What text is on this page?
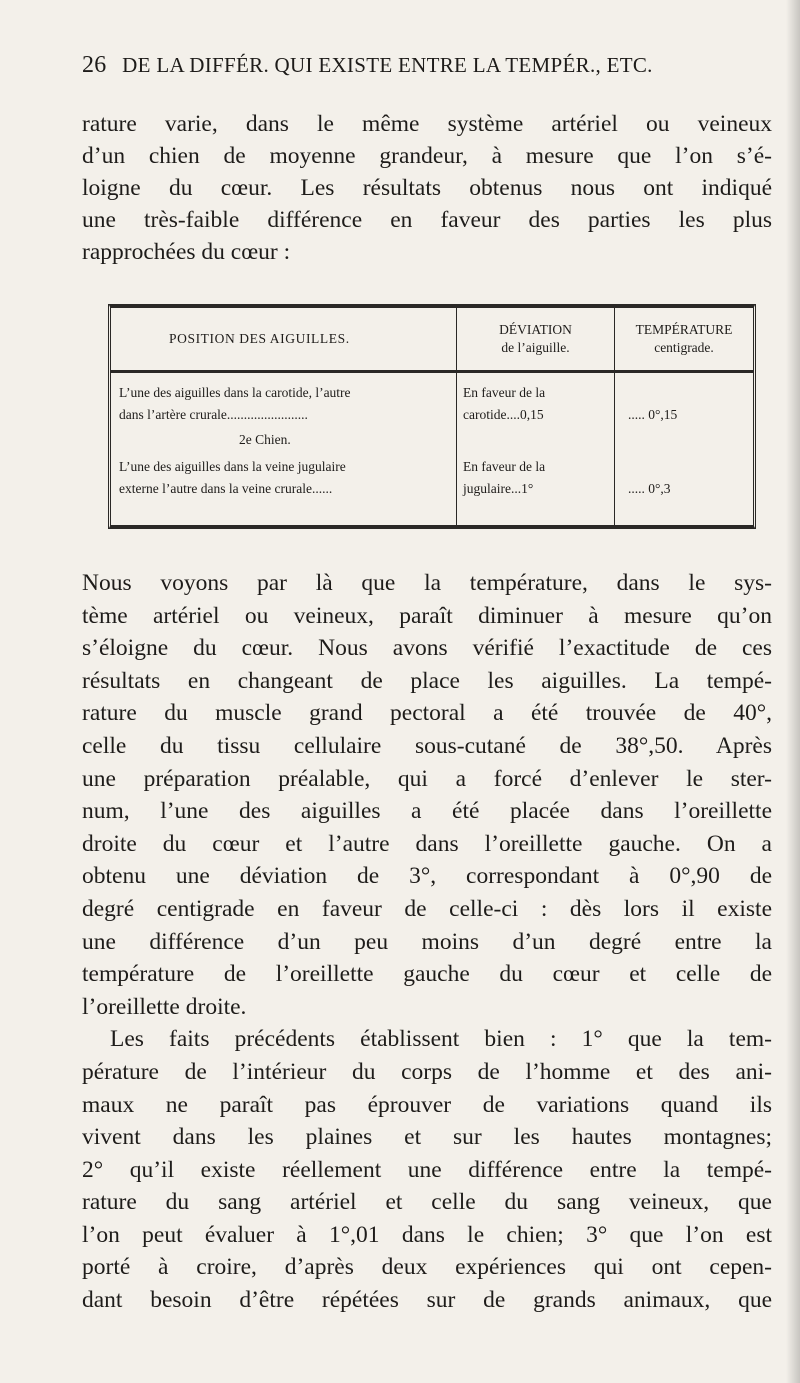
26 DE LA DIFFÉR. QUI EXISTE ENTRE LA TEMPÉR., ETC.
rature varie, dans le même système artériel ou veineux
d’un chien de moyenne grandeur, à mesure que l’on s’é-
loigne du cœur. Les résultats obtenus nous ont indiqué
une très-faible différence en faveur des parties les plus
rapprochées du cœur :
POSITION DES AIGUILLES.
DÉVIATION
de l’aiguille.
TEMPÉRATURE
centigrade.
L’une des aiguilles dans la carotide, l’autre
dans l’artère crurale........................
En faveur de la
carotide....0,15	..... 0°,15
2e Chien.
L’une des aiguilles dans la veine jugulaire
externe l’autre dans la veine crurale......
En faveur de la
jugulaire...1°	..... 0°,3
Nous voyons par là que la température, dans le sys-
tème artériel ou veineux, paraît diminuer à mesure qu’on
s’éloigne du cœur. Nous avons vérifié l’exactitude de ces
résultats en changeant de place les aiguilles. La tempé-
rature du muscle grand pectoral a été trouvée de 40°,
celle du tissu cellulaire sous-cutané de 38°,50. Après
une préparation préalable, qui a forcé d’enlever le ster-
num, l’une des aiguilles a été placée dans l’oreillette
droite du cœur et l’autre dans l’oreillette gauche. On a
obtenu une déviation de 3°, correspondant à 0°,90 de
degré centigrade en faveur de celle-ci : dès lors il existe
une différence d’un peu moins d’un degré entre la
température de l’oreillette gauche du cœur et celle de
l’oreillette droite.
Les faits précédents établissent bien : 1° que la tem-
pérature de l’intérieur du corps de l’homme et des ani-
maux ne paraît pas éprouver de variations quand ils
vivent dans les plaines et sur les hautes montagnes;
2° qu’il existe réellement une différence entre la tempé-
rature du sang artériel et celle du sang veineux, que
l’on peut évaluer à 1°,01 dans le chien; 3° que l’on est
porté à croire, d’après deux expériences qui ont cepen-
dant besoin d’être répétées sur de grands animaux, que
